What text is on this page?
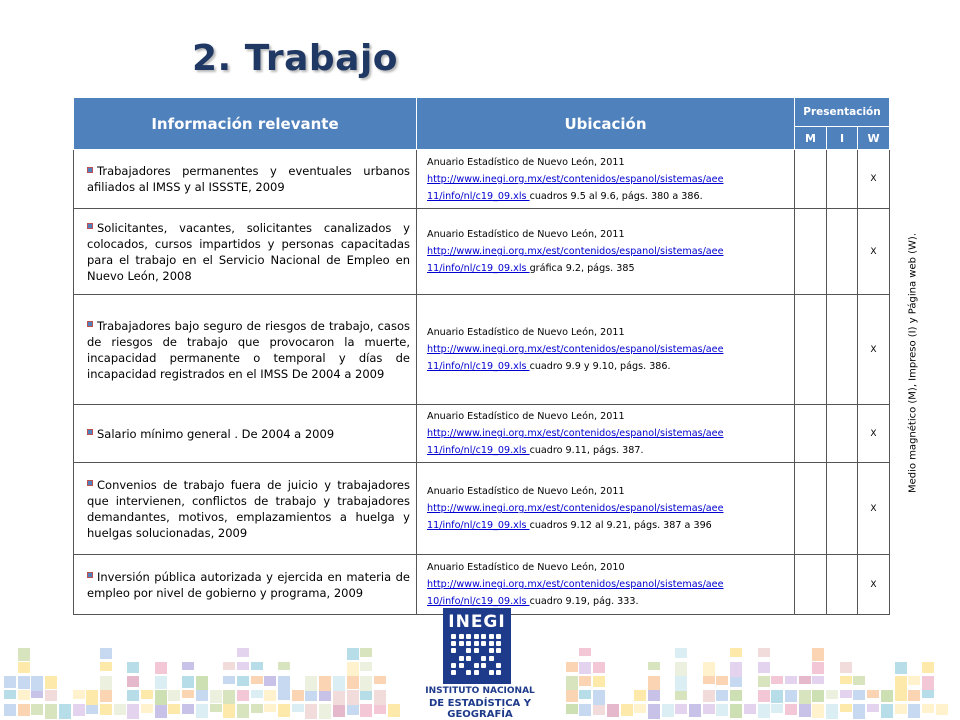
2. Trabajo
Información relevante	Ubicación	Presentación		
		M	I	W
Trabajadores permanentes y eventuales urbanos afiliados al IMSS y al ISSSTE, 2009	Anuario Estadístico de Nuevo León, 2011
http://www.inegi.org.mx/est/contenidos/espanol/sistemas/aee
11/info/nl/c19_09.xls cuadros 9.5 al 9.6, págs. 380 a 386.			X
Solicitantes, vacantes, solicitantes canalizados y colocados, cursos impartidos y personas capacitadas para el trabajo en el Servicio Nacional de Empleo en Nuevo León, 2008	Anuario Estadístico de Nuevo León, 2011
http://www.inegi.org.mx/est/contenidos/espanol/sistemas/aee
11/info/nl/c19_09.xls gráfica 9.2, págs. 385			X
Trabajadores bajo seguro de riesgos de trabajo, casos de riesgos de trabajo que provocaron la muerte, incapacidad permanente o temporal y días de incapacidad registrados en el IMSS De 2004 a 2009	Anuario Estadístico de Nuevo León, 2011
http://www.inegi.org.mx/est/contenidos/espanol/sistemas/aee
11/info/nl/c19_09.xls cuadro 9.9 y 9.10, págs. 386.			X
Salario mínimo general . De 2004 a 2009	Anuario Estadístico de Nuevo León, 2011
http://www.inegi.org.mx/est/contenidos/espanol/sistemas/aee
11/info/nl/c19_09.xls cuadro 9.11, págs. 387.			X
Convenios de trabajo fuera de juicio y trabajadores que intervienen, conflictos de trabajo y trabajadores demandantes, motivos, emplazamientos a huelga y huelgas solucionadas, 2009	Anuario Estadístico de Nuevo León, 2011
http://www.inegi.org.mx/est/contenidos/espanol/sistemas/aee
11/info/nl/c19_09.xls cuadros 9.12 al 9.21, págs. 387 a 396			X
Inversión pública autorizada y ejercida en materia de empleo por nivel de gobierno y programa, 2009	Anuario Estadístico de Nuevo León, 2010
http://www.inegi.org.mx/est/contenidos/espanol/sistemas/aee
10/info/nl/c19_09.xls cuadro 9.19, pág. 333.			X
Medio magnético (M), Impreso (I) y Página web (W).
INEGI
INSTITUTO NACIONAL
DE ESTADÍSTICA Y GEOGRAFÍA
